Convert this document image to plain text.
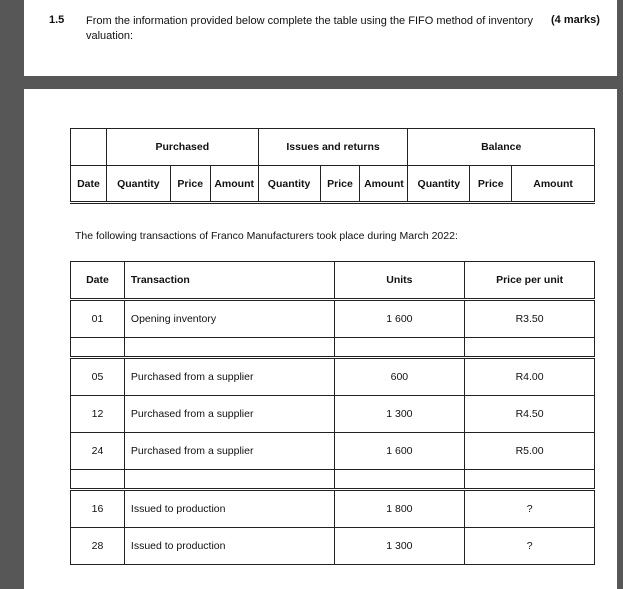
1.5 From the information provided below complete the table using the FIFO method of inventory valuation:
(4 marks)
	Purchased			Issues and returns			Balance		
Date	Quantity	Price	Amount	Quantity	Price	Amount	Quantity	Price	Amount
The following transactions of Franco Manufacturers took place during March 2022:
Date	Transaction	Units	Price per unit
01	Opening inventory	1 600	R3.50

05	Purchased from a supplier	600	R4.00
12	Purchased from a supplier	1 300	R4.50
24	Purchased from a supplier	1 600	R5.00

16	Issued to production	1 800	?
28	Issued to production	1 300	?
